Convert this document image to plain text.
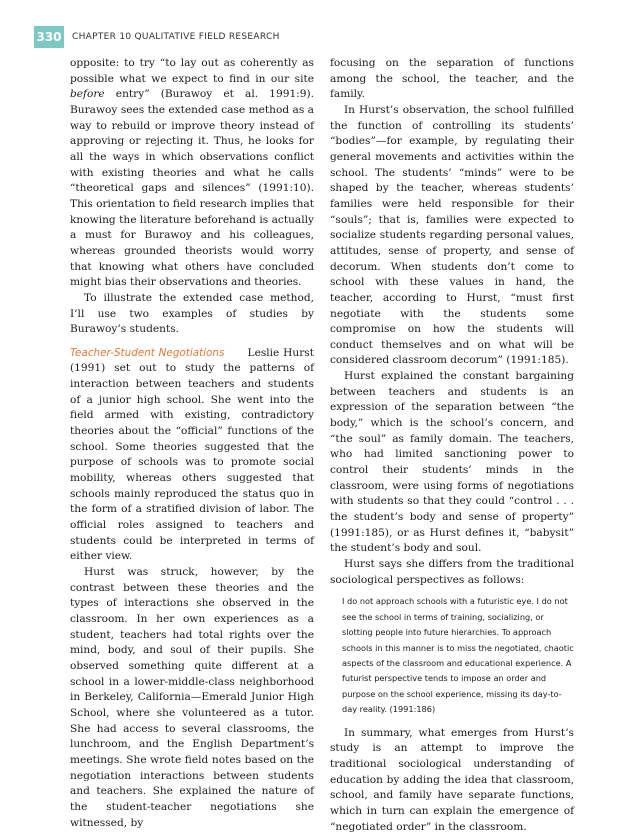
330 CHAPTER 10 QUALITATIVE FIELD RESEARCH

opposite: to try “to lay out as coherently as possible what we expect to find in our site before entry” (Burawoy et al. 1991:9). Burawoy sees the extended case method as a way to rebuild or improve theory instead of approving or rejecting it. Thus, he looks for all the ways in which observations conflict with existing theories and what he calls “theoretical gaps and silences” (1991:10). This orientation to field research implies that knowing the literature beforehand is actually a must for Burawoy and his colleagues, whereas grounded theorists would worry that knowing what others have concluded might bias their observations and theories.

To illustrate the extended case method, I’ll use two examples of studies by Burawoy’s students.

Teacher-Student Negotiations Leslie Hurst (1991) set out to study the patterns of interaction between teachers and students of a junior high school. She went into the field armed with existing, contradictory theories about the “official” functions of the school. Some theories suggested that the purpose of schools was to promote social mobility, whereas others suggested that schools mainly reproduced the status quo in the form of a stratified division of labor. The official roles assigned to teachers and students could be interpreted in terms of either view.

Hurst was struck, however, by the contrast between these theories and the types of interactions she observed in the classroom. In her own experiences as a student, teachers had total rights over the mind, body, and soul of their pupils. She observed something quite different at a school in a lower-middle-class neighborhood in Berkeley, California—Emerald Junior High School, where she volunteered as a tutor. She had access to several classrooms, the lunchroom, and the English Department’s meetings. She wrote field notes based on the negotiation interactions between students and teachers. She explained the nature of the student-teacher negotiations she witnessed, by

focusing on the separation of functions among the school, the teacher, and the family.

In Hurst’s observation, the school fulfilled the function of controlling its students’ “bodies”—for example, by regulating their general movements and activities within the school. The students’ “minds” were to be shaped by the teacher, whereas students’ families were held responsible for their “souls”; that is, families were expected to socialize students regarding personal values, attitudes, sense of property, and sense of decorum. When students don’t come to school with these values in hand, the teacher, according to Hurst, “must first negotiate with the students some compromise on how the students will conduct themselves and on what will be considered classroom decorum” (1991:185).

Hurst explained the constant bargaining between teachers and students is an expression of the separation between “the body,” which is the school’s concern, and “the soul” as family domain. The teachers, who had limited sanctioning power to control their students’ minds in the classroom, were using forms of negotiations with students so that they could “control . . . the student’s body and sense of property” (1991:185), or as Hurst defines it, “babysit” the student’s body and soul.

Hurst says she differs from the traditional sociological perspectives as follows:

I do not approach schools with a futuristic eye. I do not see the school in terms of training, socializing, or slotting people into future hierarchies. To approach schools in this manner is to miss the negotiated, chaotic aspects of the classroom and educational experience. A futurist perspective tends to impose an order and purpose on the school experience, missing its day-to-day reality. (1991:186)

In summary, what emerges from Hurst’s study is an attempt to improve the traditional sociological understanding of education by adding the idea that classroom, school, and family have separate functions, which in turn can explain the emergence of “negotiated order” in the classroom.
